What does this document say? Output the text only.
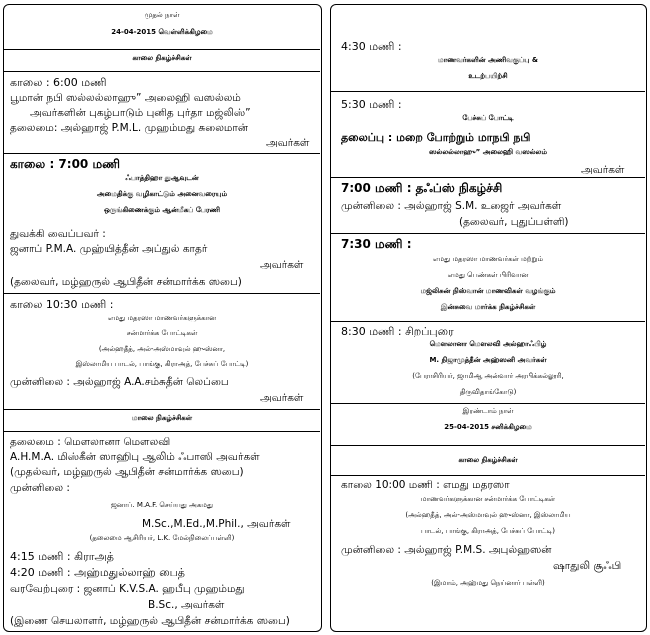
முதல் நாள்
24-04-2015 வெள்ளிக்கிழமை
காலை நிகழ்ச்சிகள்
காலை : 6:00 மணி
பூமான் நபி ஸல்லல்லாஹு” அலைஹி வஸல்லம்
அவர்களின் புகழ்பாடும் புனித புர்தா மஜ்லிஸ்”
தலைமை: அல்ஹாஜ் P.M.L. முஹம்மது சுலைமான்
அவர்கள்
காலை : 7:00 மணி
ஃபாத்திஹா துஆவுடன்
அமைதிக்கு வழிகாட்டும் அனைவரையும்
ஒருங்கிணைக்கும் ஆன்மீகப் பேரணி
துவக்கி வைப்பவர் :
ஜனாப் P.M.A. முஹ்யித்தீன் அப்துல் காதர்
அவர்கள்
(தலைவர், மழ்ஹருல் ஆபிதீன் சன்மார்க்க ஸபை)
காலை 10:30 மணி :
எமது மதரஸா மாணவர்களுக்கான
சன்மார்க்க போட்டிகள்
(அல்ஹதீத், அல்-அஸ்மாவுல் ஹுஸ்னா,
இஸ்லாமிய பாடல், பாங்கு, கிராஅத், பேச்சுப் போட்டி)
முன்னிலை : அல்ஹாஜ் A.A.சம்சுதீன் லெப்பை
அவர்கள்
மாலை நிகழ்ச்சிகள்
தலைமை : மௌலானா மௌலவி
A.H.M.A. மிஸ்கீன் ஸாஹிபு ஆலிம் ஃபாஸி அவர்கள்
(முதல்வர், மழ்ஹருல் ஆபிதீன் சன்மார்க்க ஸபை)
முன்னிலை :
ஜனாப். M.A.F. செய்யது அகமது
M.Sc.,M.Ed.,M.Phil., அவர்கள்
(தலைமை ஆசிரியர், L.K. மேல்நிலைப்பள்ளி)
4:15 மணி : கிராஅத்
4:20 மணி : அஹ்மதுல்லாஹ் பைத்
வரவேற்புரை : ஜனாப் K.V.S.A. ஹபீபு முஹம்மது
B.Sc., அவர்கள்
(இணை செயலாளர், மழ்ஹருல் ஆபிதீன் சன்மார்க்க ஸபை)
4:30 மணி :
மாணவர்களின் அணிவகுப்பு &
உடற்பயிற்சி
5:30 மணி :
பேச்சுப் போட்டி
தலைப்பு : மறை போற்றும் மாநபி நபி
ஸல்லல்லாஹு” அலைஹி வஸல்லம்
அவர்கள்
7:00 மணி : தஃப்ஸ் நிகழ்ச்சி
முன்னிலை : அல்ஹாஜ் S.M. உஜைர் அவர்கள்
(தலைவர், புதுப்பள்ளி)
7:30 மணி :
எமது மதரஸா மாணவர்கள் மற்றும்
எமது பெண்கள் பிரிவான
மஜ்லிசுன் நிஸ்வான் மாணவிகள் வழங்கும்
இன்சுவை மார்க்க நிகழ்ச்சிகள்
8:30 மணி : சிறப்புரை
மௌலானா மௌலவி அல்ஹாஃபிழ்
M. நிஜாமுத்தீன் அஹ்ஸனி அவர்கள்
(பேராசிரியர், ஜாமிஆ அன்வார் அரபிக்கல்லூரி,
திருவிதாங்கோடு)
இரண்டாம் நாள்
25-04-2015 சனிக்கிழமை
காலை நிகழ்ச்சிகள்
காலை 10:00 மணி : எமது மதரஸா
மாணவர்களுக்கான சன்மார்க்க போட்டிகள்
(அல்ஹதீத், அல்-அஸ்மாவுல் ஹுஸ்னா, இஸ்லாமிய
பாடல், பாங்கு, கிராஅத், பேச்சுப் போட்டி)
முன்னிலை : அல்ஹாஜ் P.M.S. அபுல்ஹஸன்
ஷாதுலி சூஃபி
(இமாம், அஹ்மது நெய்னார் பள்ளி)
